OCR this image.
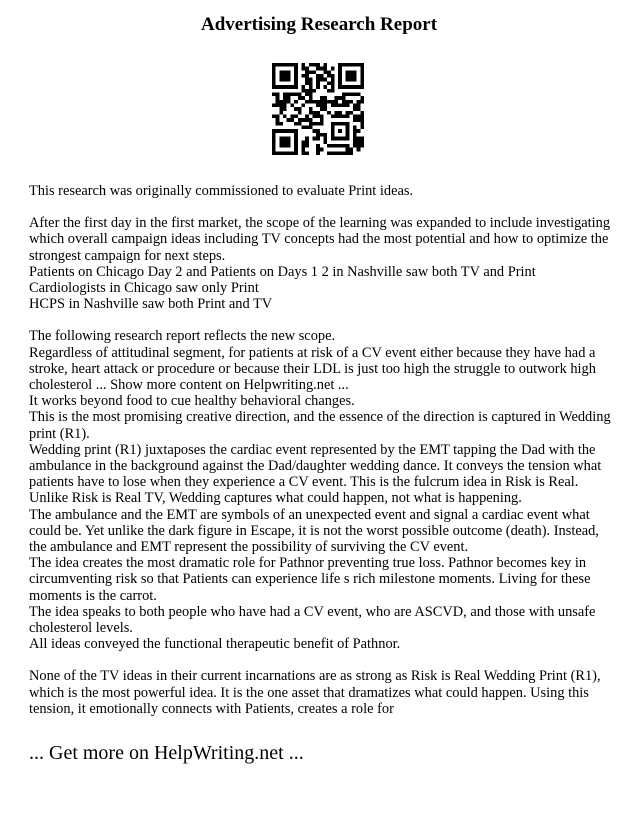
Advertising Research Report

This research was originally commissioned to evaluate Print ideas.

After the first day in the first market, the scope of the learning was expanded to include investigating which overall campaign ideas including TV concepts had the most potential and how to optimize the strongest campaign for next steps.

Patients on Chicago Day 2 and Patients on Days 1 2 in Nashville saw both TV and Print

Cardiologists in Chicago saw only Print

HCPS in Nashville saw both Print and TV

The following research report reflects the new scope.

Regardless of attitudinal segment, for patients at risk of a CV event either because they have had a stroke, heart attack or procedure or because their LDL is just too high the struggle to outwork high cholesterol ... Show more content on Helpwriting.net ...

It works beyond food to cue healthy behavioral changes.

This is the most promising creative direction, and the essence of the direction is captured in Wedding print (R1).

Wedding print (R1) juxtaposes the cardiac event represented by the EMT tapping the Dad with the ambulance in the background against the Dad/daughter wedding dance. It conveys the tension what patients have to lose when they experience a CV event. This is the fulcrum idea in Risk is Real.

Unlike Risk is Real TV, Wedding captures what could happen, not what is happening.

The ambulance and the EMT are symbols of an unexpected event and signal a cardiac event what could be. Yet unlike the dark figure in Escape, it is not the worst possible outcome (death). Instead, the ambulance and EMT represent the possibility of surviving the CV event.

The idea creates the most dramatic role for Pathnor preventing true loss. Pathnor becomes key in circumventing risk so that Patients can experience life s rich milestone moments. Living for these moments is the carrot.

The idea speaks to both people who have had a CV event, who are ASCVD, and those with unsafe cholesterol levels.

All ideas conveyed the functional therapeutic benefit of Pathnor.

None of the TV ideas in their current incarnations are as strong as Risk is Real Wedding Print (R1), which is the most powerful idea. It is the one asset that dramatizes what could happen. Using this tension, it emotionally connects with Patients, creates a role for

... Get more on HelpWriting.net ...
